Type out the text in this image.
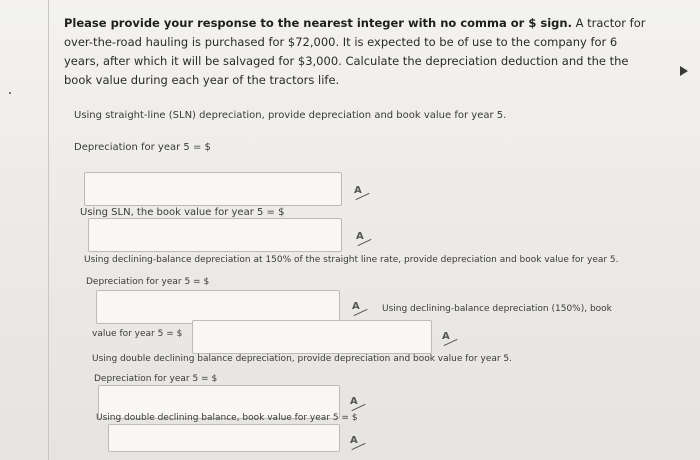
Please provide your response to the nearest integer with no comma or $ sign. A tractor for over-the-road hauling is purchased for $72,000. It is expected to be of use to the company for 6 years, after which it will be salvaged for $3,000. Calculate the depreciation deduction and the the book value during each year of the tractors life.

Using straight-line (SLN) depreciation, provide depreciation and book value for year 5.
Depreciation for year 5 = $
A
Using SLN, the book value for year 5 = $
A
Using declining-balance depreciation at 150% of the straight line rate, provide depreciation and book value for year 5.
Depreciation for year 5 = $
A	Using declining-balance depreciation (150%), book
value for year 5 = $	A
Using double declining balance depreciation, provide depreciation and book value for year 5.
Depreciation for year 5 = $
A
Using double declining balance, book value for year 5 = $
A
